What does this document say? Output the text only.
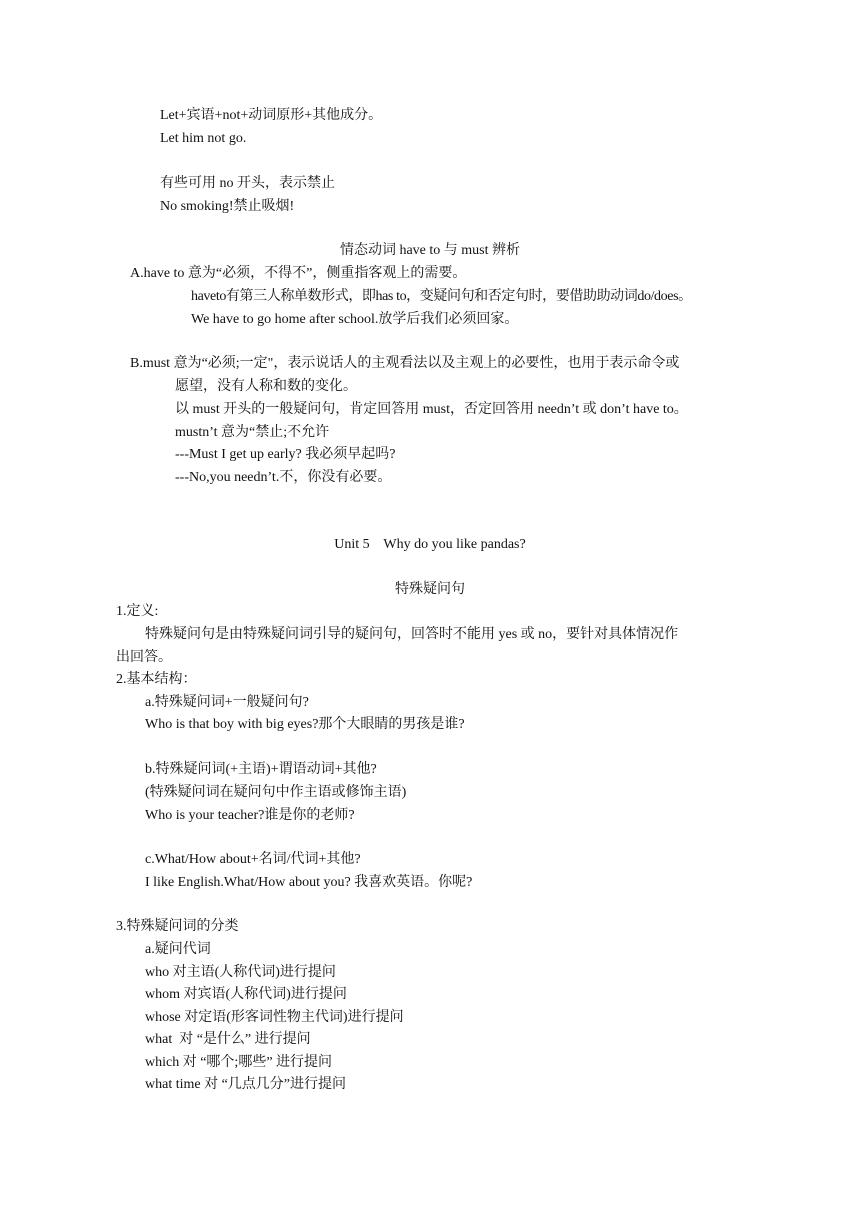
Let+宾语+not+动词原形+其他成分。
Let him not go.
有些可用 no 开头，表示禁止
No smoking!禁止吸烟!
情态动词 have to 与 must 辨析
A.have to 意为“必须，不得不”，侧重指客观上的需要。
haveto有第三人称单数形式，即has to，变疑问句和否定句时，要借助助动词do/does。
We have to go home after school.放学后我们必须回家。
B.must 意为“必须;一定"，表示说话人的主观看法以及主观上的必要性，也用于表示命令或
愿望，没有人称和数的变化。
以 must 开头的一般疑问句，肯定回答用 must，否定回答用 needn’t 或 don’t have to。
mustn’t 意为“禁止;不允许
---Must I get up early? 我必须早起吗?
---No,you needn’t.不，你没有必要。
Unit 5    Why do you like pandas?
特殊疑问句
1.定义:
特殊疑问句是由特殊疑问词引导的疑问句，回答时不能用 yes 或 no，要针对具体情况作
出回答。
2.基本结构：
a.特殊疑问词+一般疑问句?
Who is that boy with big eyes?那个大眼睛的男孩是谁?
b.特殊疑问词(+主语)+谓语动词+其他?
(特殊疑问词在疑问句中作主语或修饰主语)
Who is your teacher?谁是你的老师?
c.What/How about+名词/代词+其他?
I like English.What/How about you? 我喜欢英语。你呢?
3.特殊疑问词的分类
a.疑问代词
who 对主语(人称代词)进行提问
whom 对宾语(人称代词)进行提问
whose 对定语(形客词性物主代词)进行提问
what  对 “是什么” 进行提问
which 对 “哪个;哪些” 进行提问
what time 对 “几点几分”进行提问
